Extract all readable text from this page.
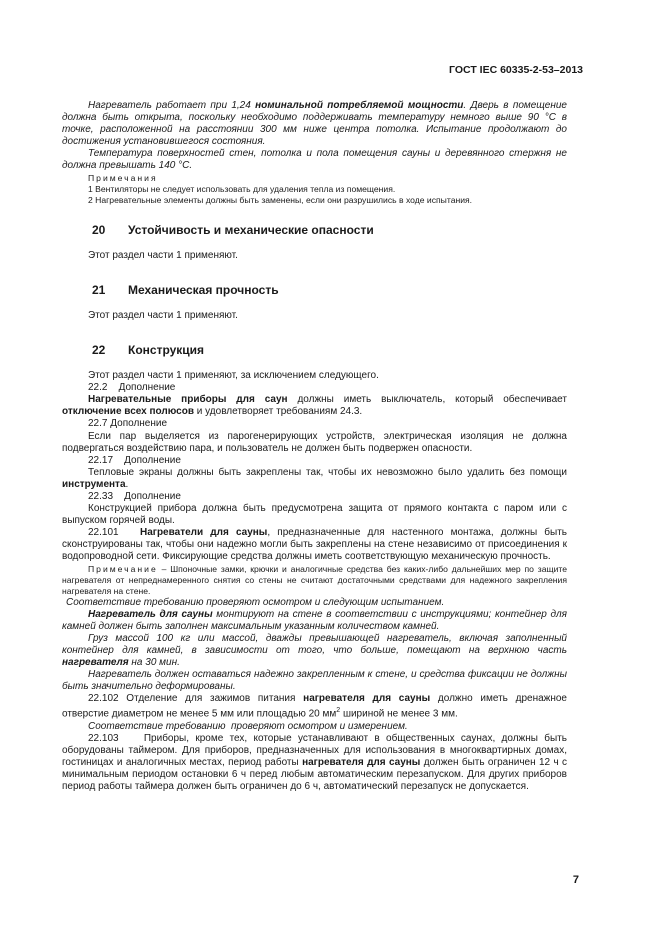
ГОСТ IEC 60335-2-53–2013

Нагреватель работает при 1,24 номинальной потребляемой мощности. Дверь в помещение должна быть открыта, поскольку необходимо поддерживать температуру немного выше 90 °С в точке, расположенной на расстоянии 300 мм ниже центра потолка. Испытание продолжают до достижения установившегося состояния.

Температура поверхностей стен, потолка и пола помещения сауны и деревянного стержня не должна превышать 140 °С.

Примечания

1 Вентиляторы не следует использовать для удаления тепла из помещения.

2 Нагревательные элементы должны быть заменены, если они разрушились в ходе испытания.

20	Устойчивость и механические опасности

Этот раздел части 1 применяют.

21	Механическая прочность

Этот раздел части 1 применяют.

22	Конструкция

Этот раздел части 1 применяют, за исключением следующего.

22.2    Дополнение

Нагревательные приборы для саун должны иметь выключатель, который обеспечивает отключение всех полюсов и удовлетворяет требованиям 24.3.

22.7 Дополнение

Если пар выделяется из парогенерирующих устройств, электрическая изоляция не должна подвергаться воздействию пара, и пользователь не должен быть подвержен опасности.

22.17    Дополнение

Тепловые экраны должны быть закреплены так, чтобы их невозможно было удалить без помощи инструмента.

22.33    Дополнение

Конструкцией прибора должна быть предусмотрена защита от прямого контакта с паром или с выпуском горячей воды.

22.101   Нагреватели для сауны, предназначенные для настенного монтажа, должны быть сконструированы так, чтобы они надежно могли быть закреплены на стене независимо от присоединения к водопроводной сети. Фиксирующие средства должны иметь соответствующую механическую прочность.

Примечание – Шпоночные замки, крючки и аналогичные средства без каких-либо дальнейших мер по защите нагревателя от непреднамеренного снятия со стены не считают достаточными средствами для надежного закрепления нагревателя на стене.

Соответствие требованию проверяют осмотром и следующим испытанием.

Нагреватель для сауны монтируют на стене в соответствии с инструкциями; контейнер для камней должен быть заполнен максимальным указанным количеством камней.

Груз массой 100 кг или массой, дважды превышающей нагреватель, включая заполненный контейнер для камней, в зависимости от того, что больше, помещают на верхнюю часть нагревателя на 30 мин.

Нагреватель должен оставаться надежно закрепленным к стене, и средства фиксации не должны быть значительно деформированы.

22.102 Отделение для зажимов питания нагревателя для сауны должно иметь дренажное отверстие диаметром не менее 5 мм или площадью 20 $мм^2$ шириной не менее 3 мм.

Соответствие требованию  проверяют осмотром и измерением.

22.103    Приборы, кроме тех, которые устанавливают в общественных саунах, должны быть оборудованы таймером. Для приборов, предназначенных для использования в многоквартирных домах, гостиницах и аналогичных местах, период работы нагревателя для сауны должен быть ограничен 12 ч с минимальным периодом остановки 6 ч перед любым автоматическим перезапуском. Для других приборов период работы таймера должен быть ограничен до 6 ч, автоматический перезапуск не допускается.

7
